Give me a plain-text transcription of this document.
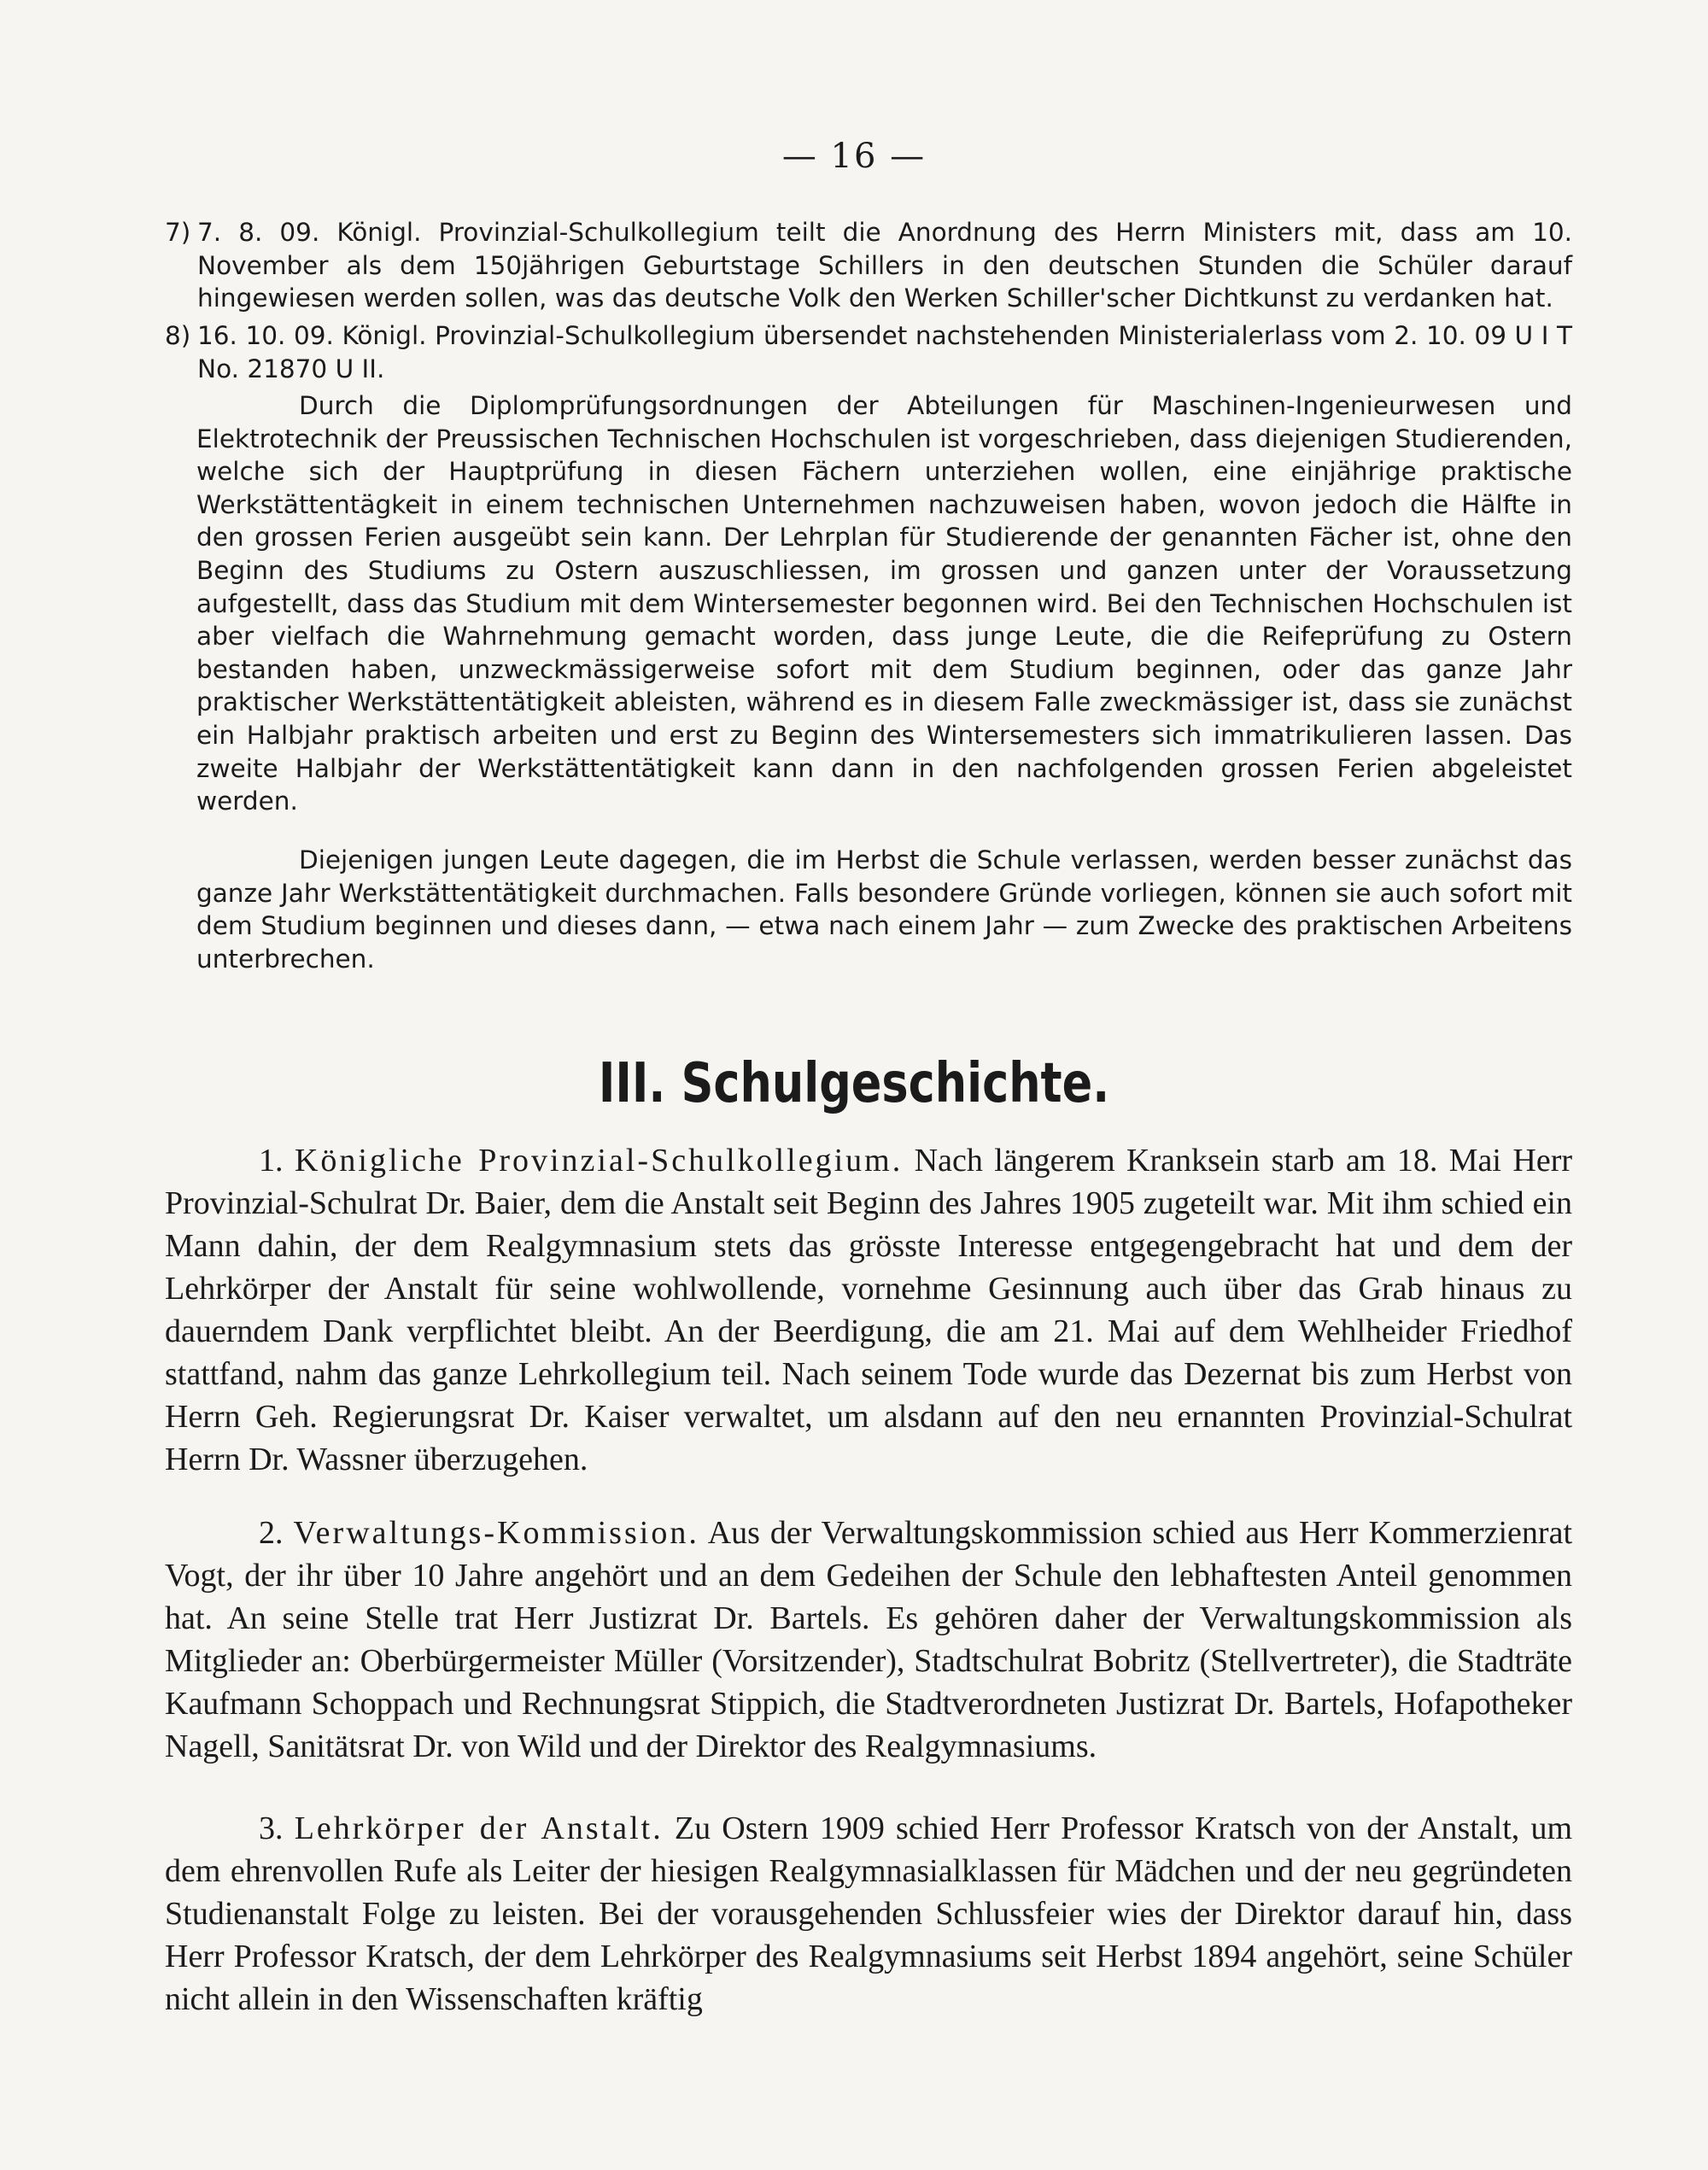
— 16 —
7) 7. 8. 09. Königl. Provinzial-Schulkollegium teilt die Anordnung des Herrn Ministers mit, dass am 10. November als dem 150jährigen Geburtstage Schillers in den deutschen Stunden die Schüler darauf hingewiesen werden sollen, was das deutsche Volk den Werken Schiller'scher Dichtkunst zu verdanken hat.
8) 16. 10. 09. Königl. Provinzial-Schulkollegium übersendet nachstehenden Ministerialerlass vom 2. 10. 09 U I T No. 21870 U II.

Durch die Diplomprüfungsordnungen der Abteilungen für Maschinen-Ingenieurwesen und Elektrotechnik der Preussischen Technischen Hochschulen ist vorgeschrieben, dass diejenigen Studierenden, welche sich der Hauptprüfung in diesen Fächern unterziehen wollen, eine einjährige praktische Werkstättentägkeit in einem technischen Unternehmen nachzuweisen haben, wovon jedoch die Hälfte in den grossen Ferien ausgeübt sein kann. Der Lehrplan für Studierende der genannten Fächer ist, ohne den Beginn des Studiums zu Ostern auszuschliessen, im grossen und ganzen unter der Voraussetzung aufgestellt, dass das Studium mit dem Wintersemester begonnen wird. Bei den Technischen Hochschulen ist aber vielfach die Wahrnehmung gemacht worden, dass junge Leute, die die Reifeprüfung zu Ostern bestanden haben, unzweckmässigerweise sofort mit dem Studium beginnen, oder das ganze Jahr praktischer Werkstättentätigkeit ableisten, während es in diesem Falle zweckmässiger ist, dass sie zunächst ein Halbjahr praktisch arbeiten und erst zu Beginn des Wintersemesters sich immatrikulieren lassen. Das zweite Halbjahr der Werkstättentätigkeit kann dann in den nachfolgenden grossen Ferien abgeleistet werden.

Diejenigen jungen Leute dagegen, die im Herbst die Schule verlassen, werden besser zunächst das ganze Jahr Werkstättentätigkeit durchmachen. Falls besondere Gründe vorliegen, können sie auch sofort mit dem Studium beginnen und dieses dann, — etwa nach einem Jahr — zum Zwecke des praktischen Arbeitens unterbrechen.

III. Schulgeschichte.

1. Königliche Provinzial-Schulkollegium. Nach längerem Kranksein starb am 18. Mai Herr Provinzial-Schulrat Dr. Baier, dem die Anstalt seit Beginn des Jahres 1905 zugeteilt war. Mit ihm schied ein Mann dahin, der dem Realgymnasium stets das grösste Interesse entgegengebracht hat und dem der Lehrkörper der Anstalt für seine wohlwollende, vornehme Gesinnung auch über das Grab hinaus zu dauerndem Dank verpflichtet bleibt. An der Beerdigung, die am 21. Mai auf dem Wehlheider Friedhof stattfand, nahm das ganze Lehrkollegium teil. Nach seinem Tode wurde das Dezernat bis zum Herbst von Herrn Geh. Regierungsrat Dr. Kaiser verwaltet, um alsdann auf den neu ernannten Provinzial-Schulrat Herrn Dr. Wassner überzugehen.

2. Verwaltungs-Kommission. Aus der Verwaltungskommission schied aus Herr Kommerzienrat Vogt, der ihr über 10 Jahre angehört und an dem Gedeihen der Schule den lebhaftesten Anteil genommen hat. An seine Stelle trat Herr Justizrat Dr. Bartels. Es gehören daher der Verwaltungskommission als Mitglieder an: Oberbürgermeister Müller (Vorsitzender), Stadtschulrat Bobritz (Stellvertreter), die Stadträte Kaufmann Schoppach und Rechnungsrat Stippich, die Stadtverordneten Justizrat Dr. Bartels, Hofapotheker Nagell, Sanitätsrat Dr. von Wild und der Direktor des Realgymnasiums.

3. Lehrkörper der Anstalt. Zu Ostern 1909 schied Herr Professor Kratsch von der Anstalt, um dem ehrenvollen Rufe als Leiter der hiesigen Realgymnasialklassen für Mädchen und der neu gegründeten Studienanstalt Folge zu leisten. Bei der vorausgehenden Schlussfeier wies der Direktor darauf hin, dass Herr Professor Kratsch, der dem Lehrkörper des Realgymnasiums seit Herbst 1894 angehört, seine Schüler nicht allein in den Wissenschaften kräftig
